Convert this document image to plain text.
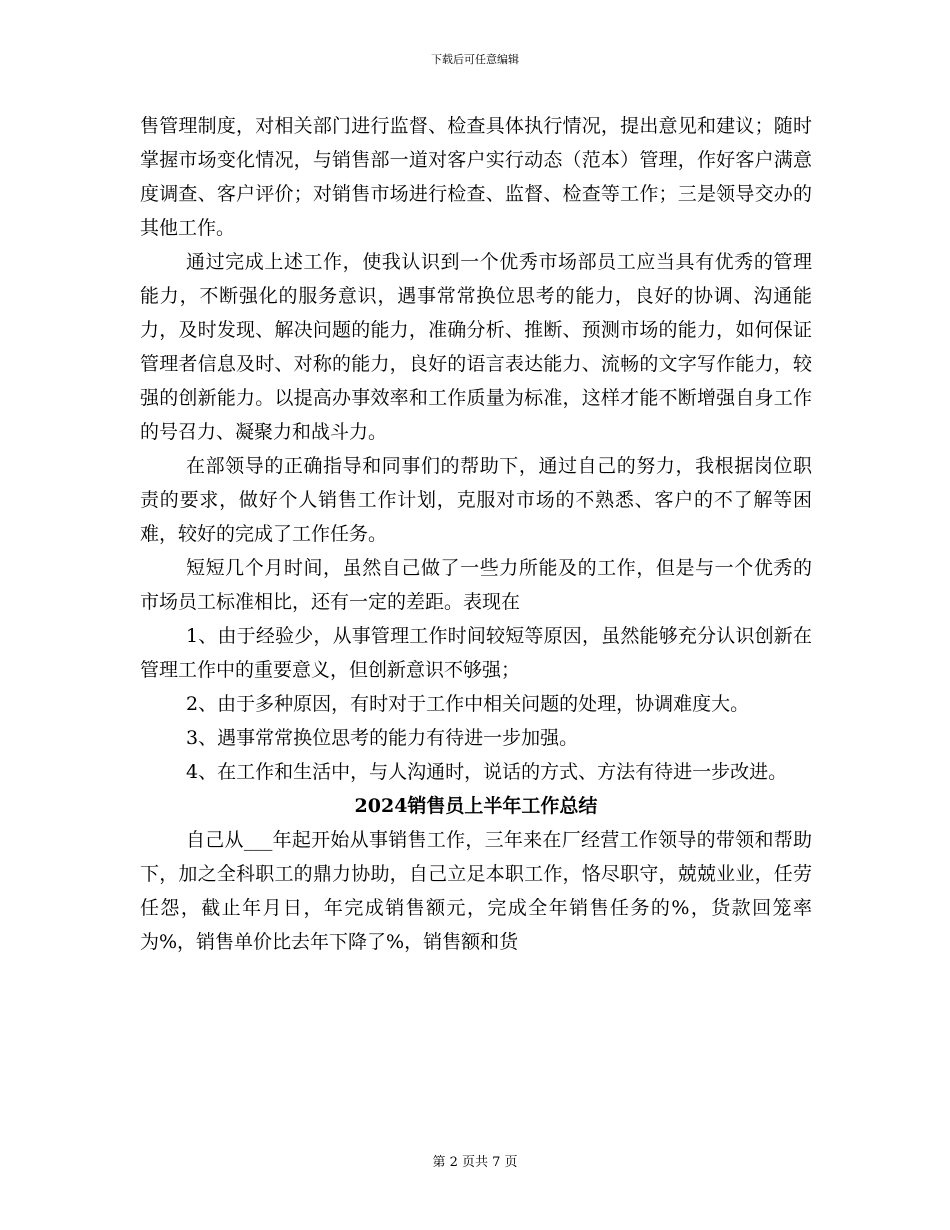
下载后可任意编辑

售管理制度，对相关部门进行监督、检查具体执行情况，提出意见和建议；随时掌握市场变化情况，与销售部一道对客户实行动态（范本）管理，作好客户满意度调查、客户评价；对销售市场进行检查、监督、检查等工作；三是领导交办的其他工作。

通过完成上述工作，使我认识到一个优秀市场部员工应当具有优秀的管理能力，不断强化的服务意识，遇事常常换位思考的能力，良好的协调、沟通能力，及时发现、解决问题的能力，准确分析、推断、预测市场的能力，如何保证管理者信息及时、对称的能力，良好的语言表达能力、流畅的文字写作能力，较强的创新能力。以提高办事效率和工作质量为标准，这样才能不断增强自身工作的号召力、凝聚力和战斗力。

在部领导的正确指导和同事们的帮助下，通过自己的努力，我根据岗位职责的要求，做好个人销售工作计划，克服对市场的不熟悉、客户的不了解等困难，较好的完成了工作任务。

短短几个月时间，虽然自己做了一些力所能及的工作，但是与一个优秀的市场员工标准相比，还有一定的差距。表现在

1、由于经验少，从事管理工作时间较短等原因，虽然能够充分认识创新在管理工作中的重要意义，但创新意识不够强；

2、由于多种原因，有时对于工作中相关问题的处理，协调难度大。

3、遇事常常换位思考的能力有待进一步加强。

4、在工作和生活中，与人沟通时，说话的方式、方法有待进一步改进。

2024销售员上半年工作总结

自己从___年起开始从事销售工作，三年来在厂经营工作领导的带领和帮助下，加之全科职工的鼎力协助，自己立足本职工作，恪尽职守，兢兢业业，任劳任怨，截止年月日，年完成销售额元，完成全年销售任务的%，货款回笼率为%，销售单价比去年下降了%，销售额和货

第 2 页共 7 页
